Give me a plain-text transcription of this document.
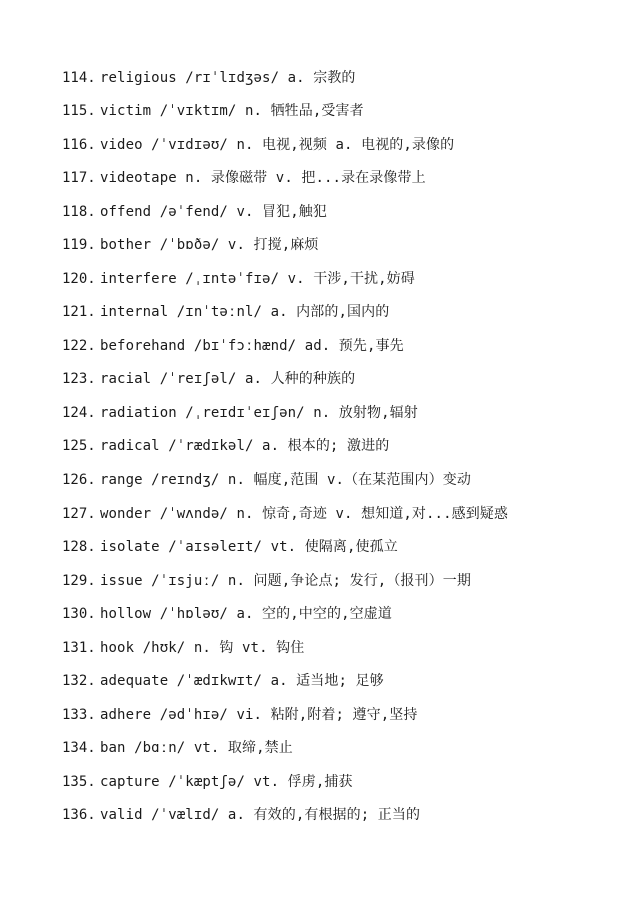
114. religious /rɪˈlɪdʒəs/ a. 宗教的
115. victim /ˈvɪktɪm/ n. 牺牲品,受害者
116. video /ˈvɪdɪəʊ/ n. 电视,视频 a. 电视的,录像的
117. videotape n. 录像磁带 v. 把...录在录像带上
118. offend /əˈfend/ v. 冒犯,触犯
119. bother /ˈbɒðə/ v. 打搅,麻烦
120. interfere /ˌɪntəˈfɪə/ v. 干涉,干扰,妨碍
121. internal /ɪnˈtəːnl/ a. 内部的,国内的
122. beforehand /bɪˈfɔːhænd/ ad. 预先,事先
123. racial /ˈreɪʃəl/ a. 人种的种族的
124. radiation /ˌreɪdɪˈeɪʃən/ n. 放射物,辐射
125. radical /ˈrædɪkəl/ a. 根本的; 激进的
126. range /reɪndʒ/ n. 幅度,范围 v.（在某范围内）变动
127. wonder /ˈwʌndə/ n. 惊奇,奇迹 v. 想知道,对...感到疑惑
128. isolate /ˈaɪsəleɪt/ vt. 使隔离,使孤立
129. issue /ˈɪsjuː/ n. 问题,争论点; 发行,（报刊）一期
130. hollow /ˈhɒləʊ/ a. 空的,中空的,空虚道
131. hook /hʊk/ n. 钩 vt. 钩住
132. adequate /ˈædɪkwɪt/ a. 适当地; 足够
133. adhere /ədˈhɪə/ vi. 粘附,附着; 遵守,坚持
134. ban /bɑːn/ vt. 取缔,禁止
135. capture /ˈkæptʃə/ vt. 俘虏,捕获
136. valid /ˈvælɪd/ a. 有效的,有根据的; 正当的
